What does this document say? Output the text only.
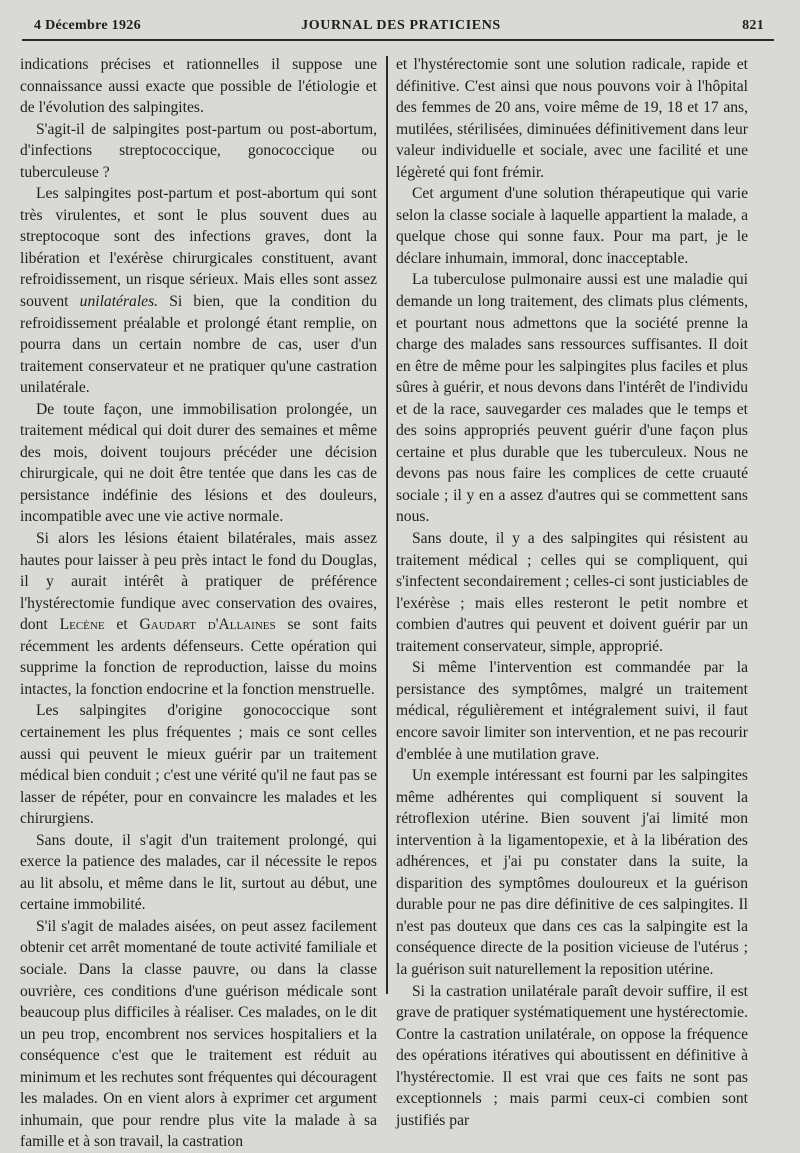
4 Décembre 1926	JOURNAL DES PRATICIENS	821

indications précises et rationnelles il suppose une connaissance aussi exacte que possible de l'étiologie et de l'évolution des salpingites.

S'agit-il de salpingites post-partum ou post-abortum, d'infections streptococcique, gonococcique ou tuberculeuse ?

Les salpingites post-partum et post-abortum qui sont très virulentes, et sont le plus souvent dues au streptocoque sont des infections graves, dont la libération et l'exérèse chirurgicales constituent, avant refroidissement, un risque sérieux. Mais elles sont assez souvent unilatérales. Si bien, que la condition du refroidissement préalable et prolongé étant remplie, on pourra dans un certain nombre de cas, user d'un traitement conservateur et ne pratiquer qu'une castration unilatérale.

De toute façon, une immobilisation prolongée, un traitement médical qui doit durer des semaines et même des mois, doivent toujours précéder une décision chirurgicale, qui ne doit être tentée que dans les cas de persistance indéfinie des lésions et des douleurs, incompatible avec une vie active normale.

Si alors les lésions étaient bilatérales, mais assez hautes pour laisser à peu près intact le fond du Douglas, il y aurait intérêt à pratiquer de préférence l'hystérectomie fundique avec conservation des ovaires, dont Lecène et Gaudart d'Allaines se sont faits récemment les ardents défenseurs. Cette opération qui supprime la fonction de reproduction, laisse du moins intactes, la fonction endocrine et la fonction menstruelle.

Les salpingites d'origine gonococcique sont certainement les plus fréquentes ; mais ce sont celles aussi qui peuvent le mieux guérir par un traitement médical bien conduit ; c'est une vérité qu'il ne faut pas se lasser de répéter, pour en convaincre les malades et les chirurgiens.

Sans doute, il s'agit d'un traitement prolongé, qui exerce la patience des malades, car il nécessite le repos au lit absolu, et même dans le lit, surtout au début, une certaine immobilité.

S'il s'agit de malades aisées, on peut assez facilement obtenir cet arrêt momentané de toute activité familiale et sociale. Dans la classe pauvre, ou dans la classe ouvrière, ces conditions d'une guérison médicale sont beaucoup plus difficiles à réaliser. Ces malades, on le dit un peu trop, encombrent nos services hospitaliers et la conséquence c'est que le traitement est réduit au minimum et les rechutes sont fréquentes qui découragent les malades. On en vient alors à exprimer cet argument inhumain, que pour rendre plus vite la malade à sa famille et à son travail, la castration

et l'hystérectomie sont une solution radicale, rapide et définitive. C'est ainsi que nous pouvons voir à l'hôpital des femmes de 20 ans, voire même de 19, 18 et 17 ans, mutilées, stérilisées, diminuées définitivement dans leur valeur individuelle et sociale, avec une facilité et une légèreté qui font frémir.

Cet argument d'une solution thérapeutique qui varie selon la classe sociale à laquelle appartient la malade, a quelque chose qui sonne faux. Pour ma part, je le déclare inhumain, immoral, donc inacceptable.

La tuberculose pulmonaire aussi est une maladie qui demande un long traitement, des climats plus cléments, et pourtant nous admettons que la société prenne la charge des malades sans ressources suffisantes. Il doit en être de même pour les salpingites plus faciles et plus sûres à guérir, et nous devons dans l'intérêt de l'individu et de la race, sauvegarder ces malades que le temps et des soins appropriés peuvent guérir d'une façon plus certaine et plus durable que les tuberculeux. Nous ne devons pas nous faire les complices de cette cruauté sociale ; il y en a assez d'autres qui se commettent sans nous.

Sans doute, il y a des salpingites qui résistent au traitement médical ; celles qui se compliquent, qui s'infectent secondairement ; celles-ci sont justiciables de l'exérèse ; mais elles resteront le petit nombre et combien d'autres qui peuvent et doivent guérir par un traitement conservateur, simple, approprié.

Si même l'intervention est commandée par la persistance des symptômes, malgré un traitement médical, régulièrement et intégralement suivi, il faut encore savoir limiter son intervention, et ne pas recourir d'emblée à une mutilation grave.

Un exemple intéressant est fourni par les salpingites même adhérentes qui compliquent si souvent la rétroflexion utérine. Bien souvent j'ai limité mon intervention à la ligamentopexie, et à la libération des adhérences, et j'ai pu constater dans la suite, la disparition des symptômes douloureux et la guérison durable pour ne pas dire définitive de ces salpingites. Il n'est pas douteux que dans ces cas la salpingite est la conséquence directe de la position vicieuse de l'utérus ; la guérison suit naturellement la reposition utérine.

Si la castration unilatérale paraît devoir suffire, il est grave de pratiquer systématiquement une hystérectomie. Contre la castration unilatérale, on oppose la fréquence des opérations itératives qui aboutissent en définitive à l'hystérectomie. Il est vrai que ces faits ne sont pas exceptionnels ; mais parmi ceux-ci combien sont justifiés par
